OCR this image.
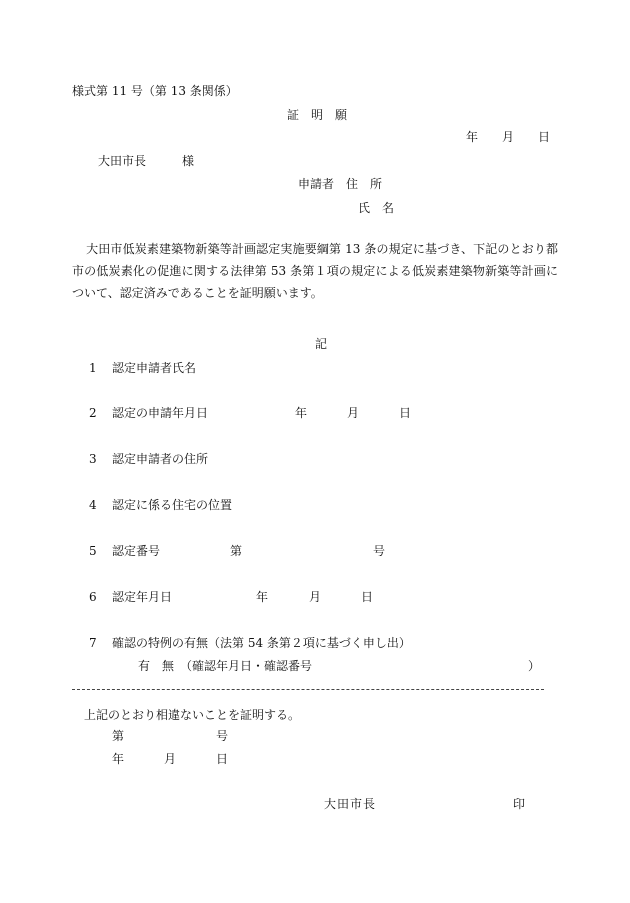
様式第 11 号（第 13 条関係）
証　明　願
年　　月　　日
大田市長　　　様
申請者　住　所
氏　名
大田市低炭素建築物新築等計画認定実施要綱第 13 条の規定に基づき、下記のとおり都市の低炭素化の促進に関する法律第 53 条第１項の規定による低炭素建築物新築等計画について、認定済みであることを証明願います。
記
1 認定申請者氏名
2 認定の申請年月日	年	月	日
3 認定申請者の住所
4 認定に係る住宅の位置
5 認定番号	第	号
6 認定年月日	年	月	日
7 確認の特例の有無（法第 54 条第２項に基づく申し出）
有　無　（確認年月日・確認番号	）
上記のとおり相違ないことを証明する。
第	号
年	月	日
大田市長	印
